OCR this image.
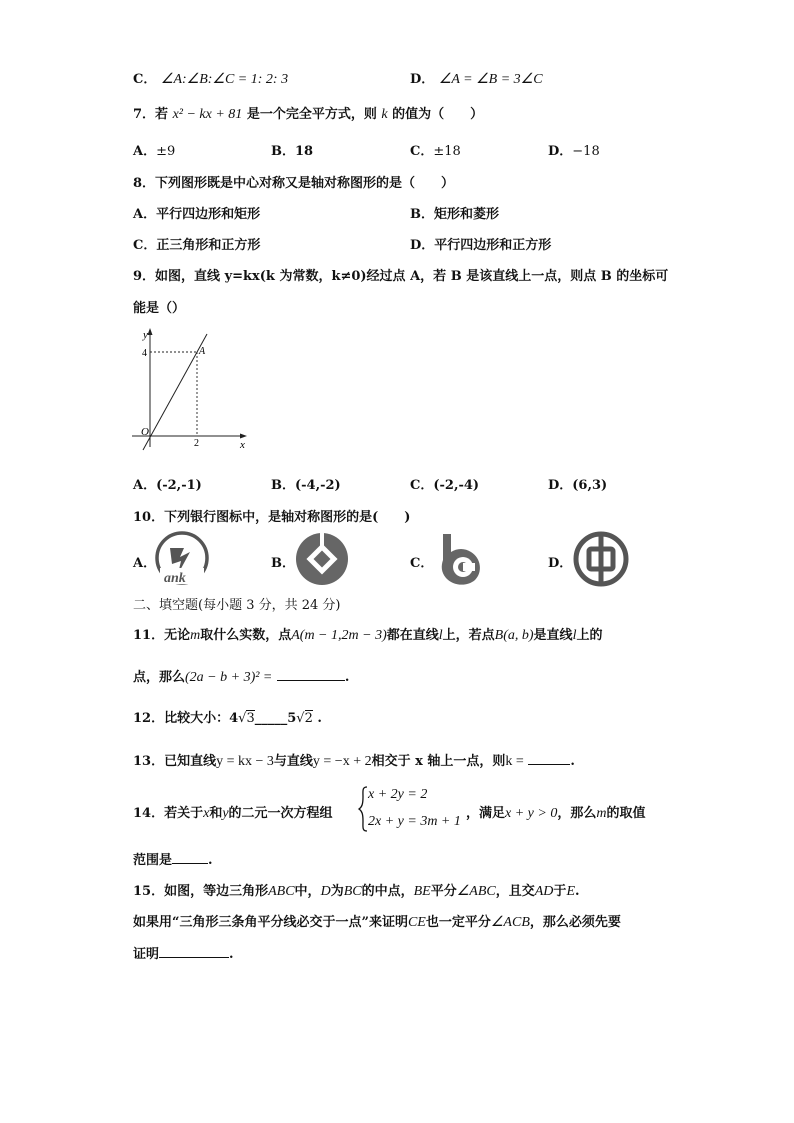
C． ∠A:∠B:∠C = 1: 2: 3	D． ∠A = ∠B = 3∠C
7．若 x² − kx + 81 是一个完全平方式，则 k 的值为（　　）
A．±9	B．18	C．±18	D．−18
8．下列图形既是中心对称又是轴对称图形的是（　　）
A．平行四边形和矩形	B．矩形和菱形
C．正三角形和正方形	D．平行四边形和正方形
9．如图，直线 y=kx(k 为常数，k≠0)经过点 A，若 B 是该直线上一点，则点 B 的坐标可
能是（）
y
x
O
A
4
2
A．(-2,-1)	B．(-4,-2)	C．(-2,-4)	D．(6,3)
10．下列银行图标中，是轴对称图形的是(　　)
A．
ank
B．	C．	D．
二、填空题(每小题 3 分，共 24 分)
11．无论m取什么实数，点A(m − 1,2m − 3)都在直线l上，若点B(a, b)是直线l上的
点，那么(2a − b + 3)² =	.
12．比较大小：4√3_____5√2 .
13．已知直线y = kx − 3与直线y = −x + 2相交于 x 轴上一点，则k =	.
14．若关于x和y的二元一次方程组
x + 2y = 2
2x + y = 3m + 1
，满足x + y > 0，那么m的取值
范围是	.
15．如图，等边三角形ABC中，D为BC的中点，BE平分∠ABC，且交AD于E.
如果用“三角形三条角平分线必交于一点”来证明CE也一定平分∠ACB，那么必须先要
证明	.
